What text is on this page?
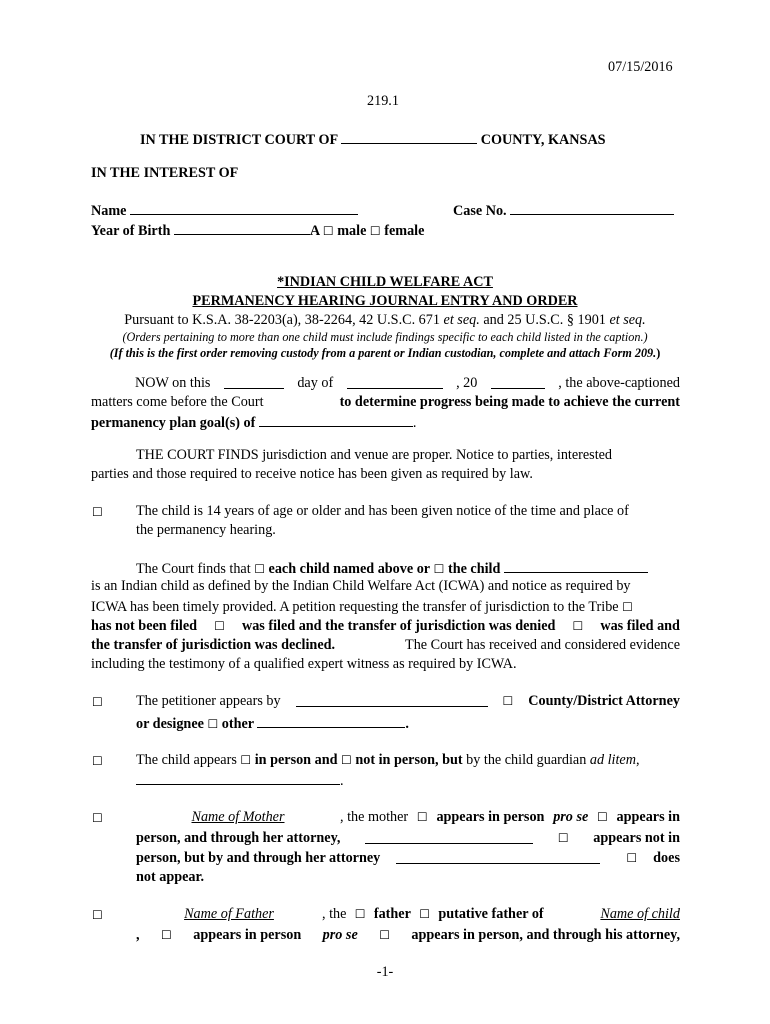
07/15/2016
219.1
IN THE DISTRICT COURT OF	COUNTY, KANSAS
IN THE INTEREST OF
Name	Case No.
Year of Birth	A ☐ male ☐ female
*INDIAN CHILD WELFARE ACT
PERMANENCY HEARING JOURNAL ENTRY AND ORDER
Pursuant to K.S.A. 38-2203(a), 38-2264, 42 U.S.C. 671 et seq. and 25 U.S.C. § 1901 et seq.
(Orders pertaining to more than one child must include findings specific to each child listed in the caption.)
(If this is the first order removing custody from a parent or Indian custodian, complete and attach Form 209.)
NOW on this	day of	, 20	, the above-captioned
matters come before the Court	to determine progress being made to achieve the current
permanency plan goal(s) of	.
THE COURT FINDS jurisdiction and venue are proper. Notice to parties, interested
parties and those required to receive notice has been given as required by law.
☐ The child is 14 years of age or older and has been given notice of the time and place of
the permanency hearing.
The Court finds that ☐ each child named above or ☐ the child
is an Indian child as defined by the Indian Child Welfare Act (ICWA) and notice as required by
ICWA has been timely provided. A petition requesting the transfer of jurisdiction to the Tribe ☐
has not been filed ☐ was filed and the transfer of jurisdiction was denied ☐ was filed and
the transfer of jurisdiction was declined.	The Court has received and considered evidence
including the testimony of a qualified expert witness as required by ICWA.
☐ The petitioner appears by	☐ County/District Attorney
or designee ☐ other	.
☐ The child appears ☐ in person and ☐ not in person, but by the child guardian ad litem,
.
☐	Name of Mother	, the mother ☐ appears in person pro se ☐ appears in
person, and through her attorney,	☐ appears not in
person, but by and through her attorney	☐ does
not appear.
☐	Name of Father	, the ☐ father ☐ putative father of	Name of child
, ☐ appears in person pro se ☐ appears in person, and through his attorney,
-1-
